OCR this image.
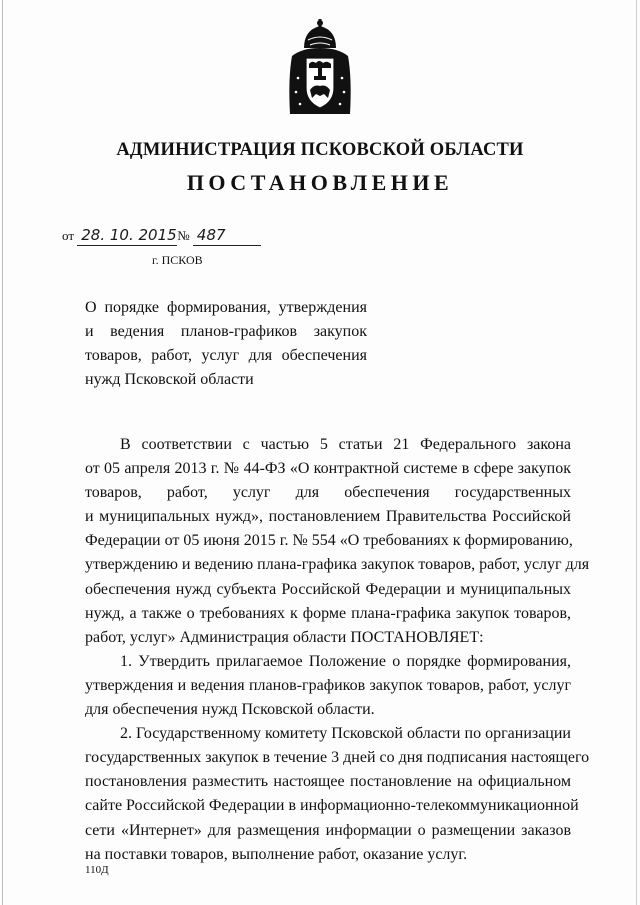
АДМИНИСТРАЦИЯ ПСКОВСКОЙ ОБЛАСТИ
ПОСТАНОВЛЕНИЕ
от 28. 10. 2015№ 487
г. ПСКОВ
О порядке формирования, утверждения
и ведения планов-графиков закупок
товаров, работ, услуг для обеспечения
нужд Псковской области
В соответствии с частью 5 статьи 21 Федерального закона
от 05 апреля 2013 г. № 44-ФЗ «О контрактной системе в сфере закупок
товаров, работ, услуг для обеспечения государственных
и муниципальных нужд», постановлением Правительства Российской
Федерации от 05 июня 2015 г. № 554 «О требованиях к формированию,
утверждению и ведению плана-графика закупок товаров, работ, услуг для
обеспечения нужд субъекта Российской Федерации и муниципальных
нужд, а также о требованиях к форме плана-графика закупок товаров,
работ, услуг» Администрация области ПОСТАНОВЛЯЕТ:
1. Утвердить прилагаемое Положение о порядке формирования,
утверждения и ведения планов-графиков закупок товаров, работ, услуг
для обеспечения нужд Псковской области.
2. Государственному комитету Псковской области по организации
государственных закупок в течение 3 дней со дня подписания настоящего
постановления разместить настоящее постановление на официальном
сайте Российской Федерации в информационно-телекоммуникационной
сети «Интернет» для размещения информации о размещении заказов
на поставки товаров, выполнение работ, оказание услуг.
110Д
